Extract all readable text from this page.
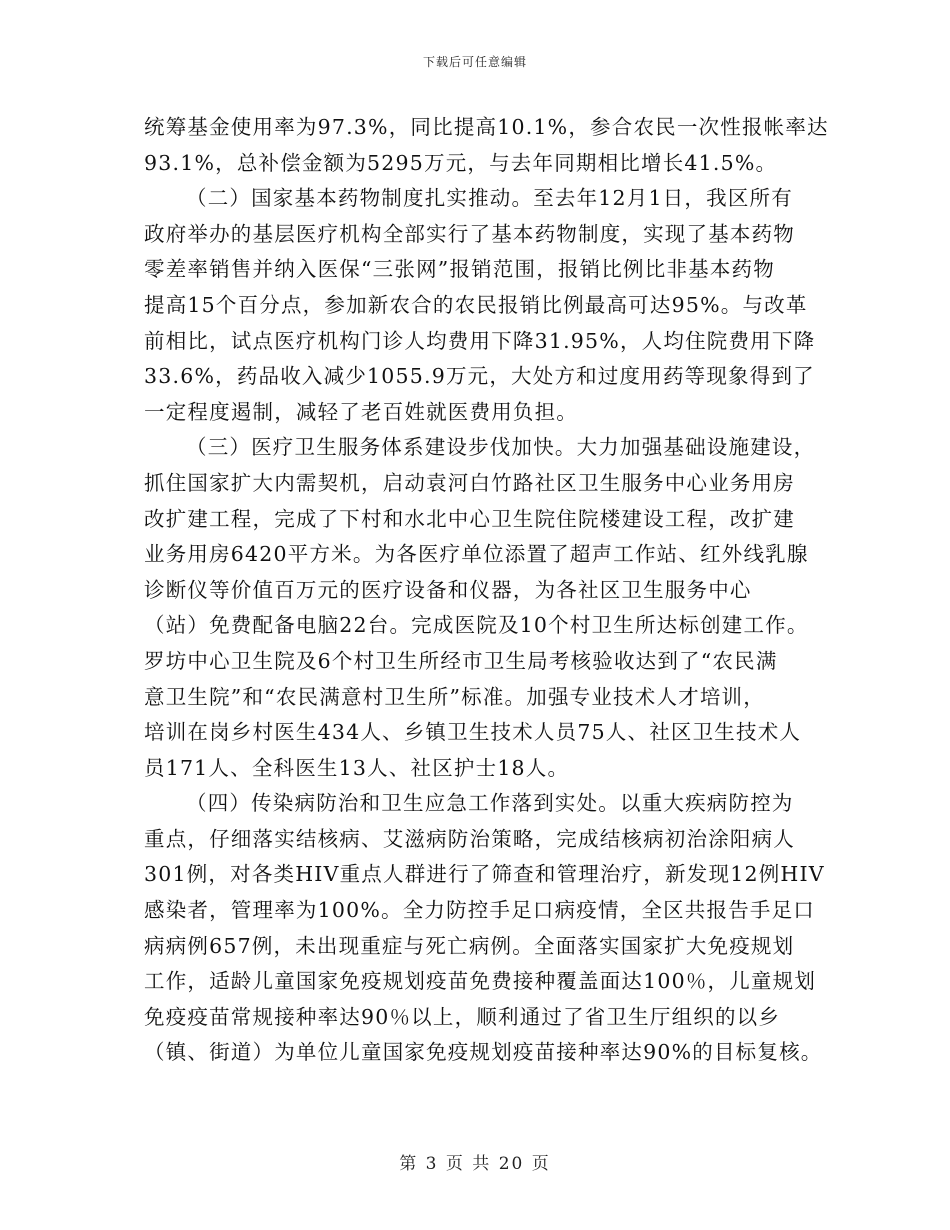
下载后可任意编辑

统筹基金使用率为97.3%，同比提高10.1%，参合农民一次性报帐率达
93.1%，总补偿金额为5295万元，与去年同期相比增长41.5%。

（二）国家基本药物制度扎实推动。至去年12月1日，我区所有
政府举办的基层医疗机构全部实行了基本药物制度，实现了基本药物
零差率销售并纳入医保“三张网”报销范围，报销比例比非基本药物
提高15个百分点，参加新农合的农民报销比例最高可达95%。与改革
前相比，试点医疗机构门诊人均费用下降31.95%，人均住院费用下降
33.6%，药品收入减少1055.9万元，大处方和过度用药等现象得到了
一定程度遏制，减轻了老百姓就医费用负担。

（三）医疗卫生服务体系建设步伐加快。大力加强基础设施建设，
抓住国家扩大内需契机，启动袁河白竹路社区卫生服务中心业务用房
改扩建工程，完成了下村和水北中心卫生院住院楼建设工程，改扩建
业务用房6420平方米。为各医疗单位添置了超声工作站、红外线乳腺
诊断仪等价值百万元的医疗设备和仪器，为各社区卫生服务中心
（站）免费配备电脑22台。完成医院及10个村卫生所达标创建工作。
罗坊中心卫生院及6个村卫生所经市卫生局考核验收达到了“农民满
意卫生院”和“农民满意村卫生所”标准。加强专业技术人才培训，
培训在岗乡村医生434人、乡镇卫生技术人员75人、社区卫生技术人
员171人、全科医生13人、社区护士18人。

（四）传染病防治和卫生应急工作落到实处。以重大疾病防控为
重点，仔细落实结核病、艾滋病防治策略，完成结核病初治涂阳病人
301例，对各类HIV重点人群进行了筛查和管理治疗，新发现12例HIV
感染者，管理率为100%。全力防控手足口病疫情，全区共报告手足口
病病例657例，未出现重症与死亡病例。全面落实国家扩大免疫规划
工作，适龄儿童国家免疫规划疫苗免费接种覆盖面达100％，儿童规划
免疫疫苗常规接种率达90％以上，顺利通过了省卫生厅组织的以乡
（镇、街道）为单位儿童国家免疫规划疫苗接种率达90%的目标复核。

第 3 页 共 20 页
